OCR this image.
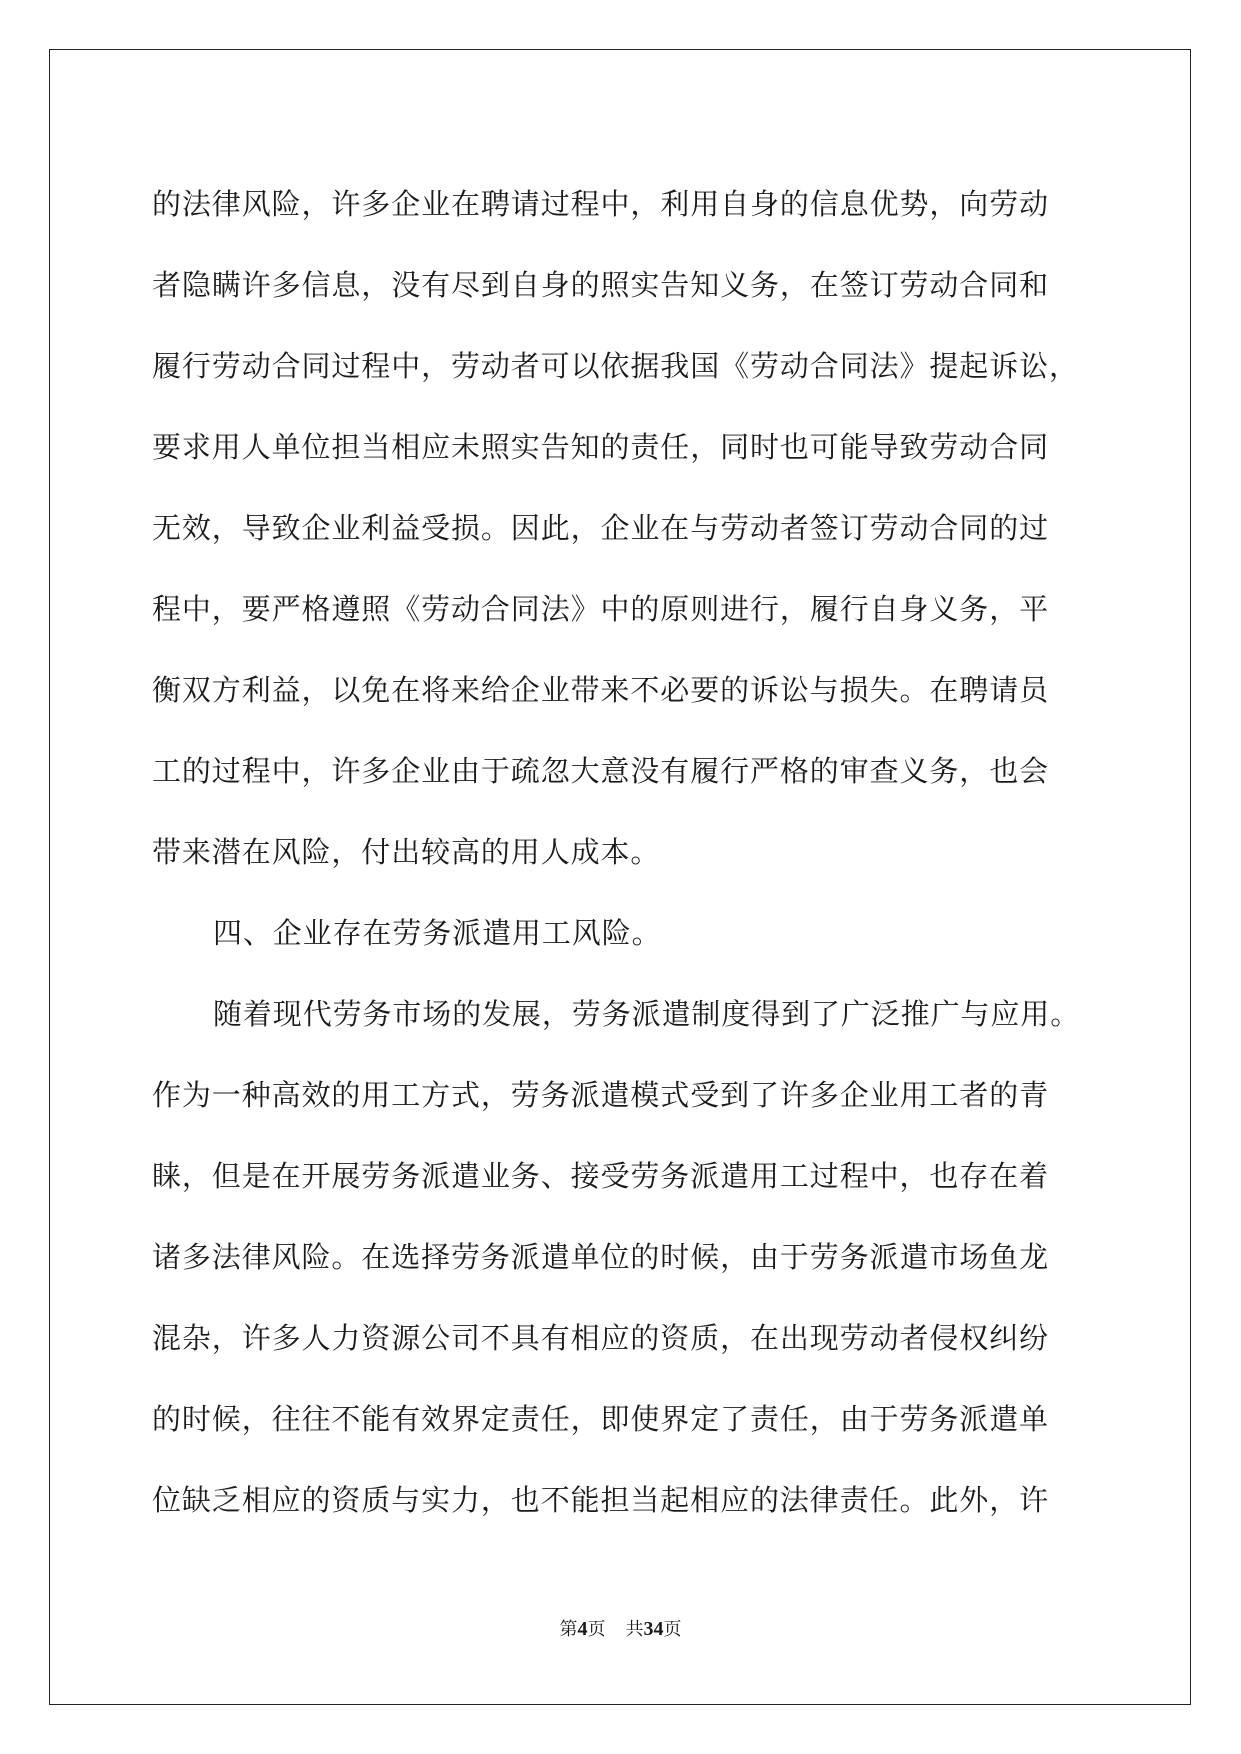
的法律风险，许多企业在聘请过程中，利用自身的信息优势，向劳动
者隐瞒许多信息，没有尽到自身的照实告知义务，在签订劳动合同和
履行劳动合同过程中，劳动者可以依据我国《劳动合同法》提起诉讼，
要求用人单位担当相应未照实告知的责任，同时也可能导致劳动合同
无效，导致企业利益受损。因此，企业在与劳动者签订劳动合同的过
程中，要严格遵照《劳动合同法》中的原则进行，履行自身义务，平
衡双方利益，以免在将来给企业带来不必要的诉讼与损失。在聘请员
工的过程中，许多企业由于疏忽大意没有履行严格的审查义务，也会
带来潜在风险，付出较高的用人成本。
四、企业存在劳务派遣用工风险。
随着现代劳务市场的发展，劳务派遣制度得到了广泛推广与应用。
作为一种高效的用工方式，劳务派遣模式受到了许多企业用工者的青
睐，但是在开展劳务派遣业务、接受劳务派遣用工过程中，也存在着
诸多法律风险。在选择劳务派遣单位的时候，由于劳务派遣市场鱼龙
混杂，许多人力资源公司不具有相应的资质，在出现劳动者侵权纠纷
的时候，往往不能有效界定责任，即使界定了责任，由于劳务派遣单
位缺乏相应的资质与实力，也不能担当起相应的法律责任。此外，许
第4页 共34页
